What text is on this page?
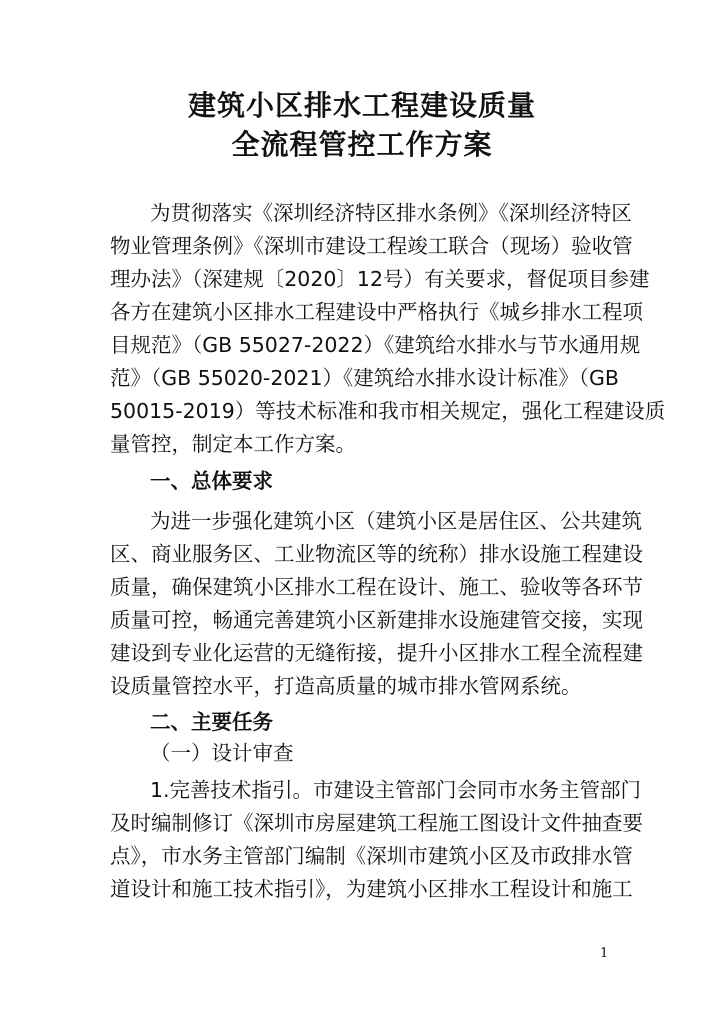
建筑小区排水工程建设质量
全流程管控工作方案
为贯彻落实《深圳经济特区排水条例》《深圳经济特区
物业管理条例》《深圳市建设工程竣工联合（现场）验收管
理办法》（深建规〔2020〕12号）有关要求，督促项目参建
各方在建筑小区排水工程建设中严格执行《城乡排水工程项
目规范》（GB 55027-2022）《建筑给水排水与节水通用规
范》（GB 55020-2021）《建筑给水排水设计标准》（GB
50015-2019）等技术标准和我市相关规定，强化工程建设质
量管控，制定本工作方案。
一、总体要求
为进一步强化建筑小区（建筑小区是居住区、公共建筑
区、商业服务区、工业物流区等的统称）排水设施工程建设
质量，确保建筑小区排水工程在设计、施工、验收等各环节
质量可控，畅通完善建筑小区新建排水设施建管交接，实现
建设到专业化运营的无缝衔接，提升小区排水工程全流程建
设质量管控水平，打造高质量的城市排水管网系统。
二、主要任务
（一）设计审查
1.完善技术指引。市建设主管部门会同市水务主管部门
及时编制修订《深圳市房屋建筑工程施工图设计文件抽查要
点》，市水务主管部门编制《深圳市建筑小区及市政排水管
道设计和施工技术指引》，为建筑小区排水工程设计和施工
1
